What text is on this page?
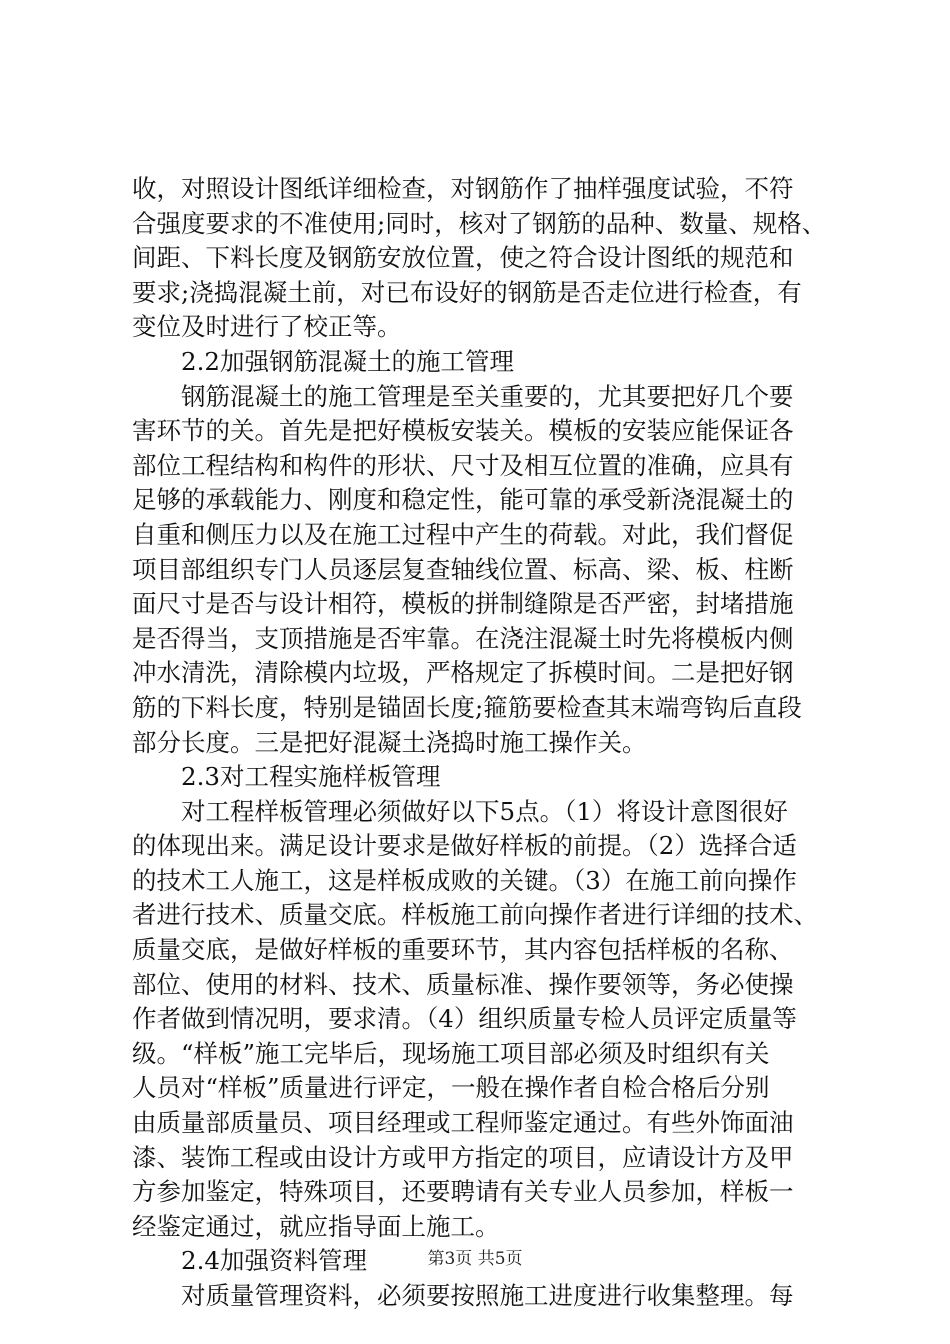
收，对照设计图纸详细检查，对钢筋作了抽样强度试验，不符
合强度要求的不准使用;同时，核对了钢筋的品种、数量、规格、
间距、下料长度及钢筋安放位置，使之符合设计图纸的规范和
要求;浇捣混凝土前，对已布设好的钢筋是否走位进行检查，有
变位及时进行了校正等。
2.2加强钢筋混凝土的施工管理
钢筋混凝土的施工管理是至关重要的，尤其要把好几个要
害环节的关。首先是把好模板安装关。模板的安装应能保证各
部位工程结构和构件的形状、尺寸及相互位置的准确，应具有
足够的承载能力、刚度和稳定性，能可靠的承受新浇混凝土的
自重和侧压力以及在施工过程中产生的荷载。对此，我们督促
项目部组织专门人员逐层复查轴线位置、标高、梁、板、柱断
面尺寸是否与设计相符，模板的拼制缝隙是否严密，封堵措施
是否得当，支顶措施是否牢靠。在浇注混凝土时先将模板内侧
冲水清洗，清除模内垃圾，严格规定了拆模时间。二是把好钢
筋的下料长度，特别是锚固长度;箍筋要检查其末端弯钩后直段
部分长度。三是把好混凝土浇捣时施工操作关。
2.3对工程实施样板管理
对工程样板管理必须做好以下5点。（1）将设计意图很好
的体现出来。满足设计要求是做好样板的前提。（2）选择合适
的技术工人施工，这是样板成败的关键。（3）在施工前向操作
者进行技术、质量交底。样板施工前向操作者进行详细的技术、
质量交底，是做好样板的重要环节，其内容包括样板的名称、
部位、使用的材料、技术、质量标准、操作要领等，务必使操
作者做到情况明，要求清。（4）组织质量专检人员评定质量等
级。“样板”施工完毕后，现场施工项目部必须及时组织有关
人员对“样板”质量进行评定，一般在操作者自检合格后分别
由质量部质量员、项目经理或工程师鉴定通过。有些外饰面油
漆、装饰工程或由设计方或甲方指定的项目，应请设计方及甲
方参加鉴定，特殊项目，还要聘请有关专业人员参加，样板一
经鉴定通过，就应指导面上施工。
2.4加强资料管理
对质量管理资料，必须要按照施工进度进行收集整理。每
第3页 共5页
